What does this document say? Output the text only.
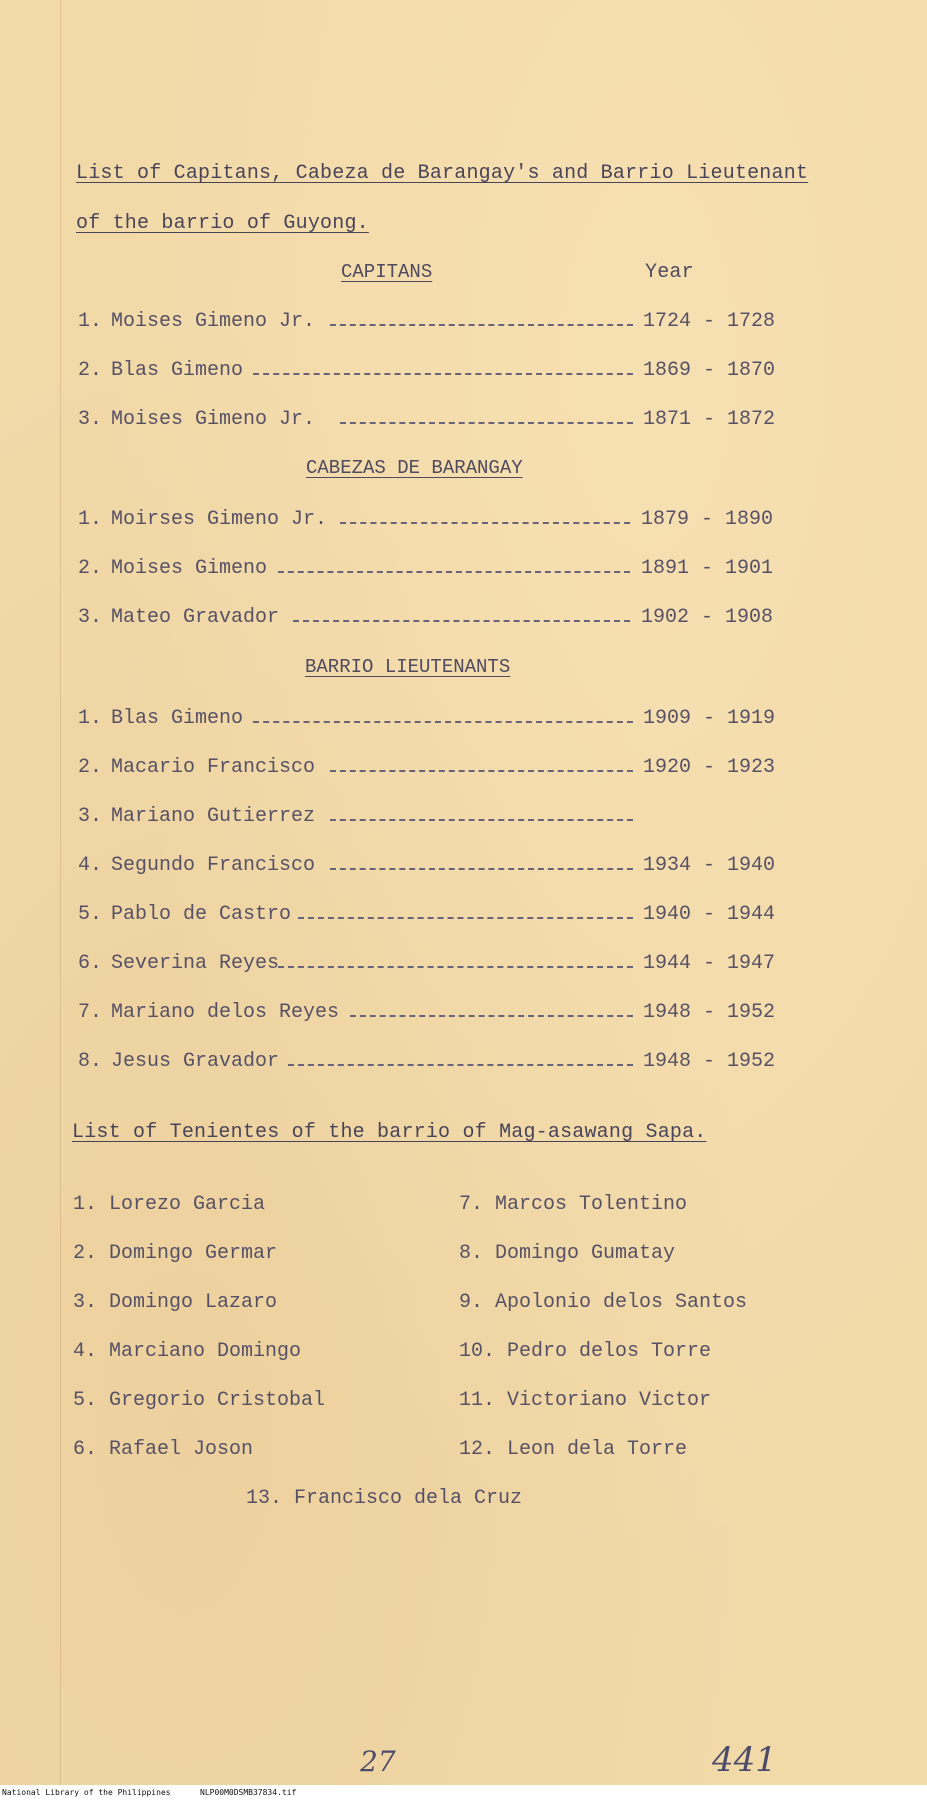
List of Capitans, Cabeza de Barangay's and Barrio Lieutenant
of the barrio of Guyong.
CAPITANS	Year
1. Moises Gimeno Jr.	1724 - 1728
2. Blas Gimeno	1869 - 1870
3. Moises Gimeno Jr.	1871 - 1872
CABEZAS DE BARANGAY
1. Moirses Gimeno Jr.	1879 - 1890
2. Moises Gimeno	1891 - 1901
3. Mateo Gravador	1902 - 1908
BARRIO LIEUTENANTS
1. Blas Gimeno	1909 - 1919
2. Macario Francisco	1920 - 1923
3. Mariano Gutierrez
4. Segundo Francisco	1934 - 1940
5. Pablo de Castro	1940 - 1944
6. Severina Reyes	1944 - 1947
7. Mariano delos Reyes	1948 - 1952
8. Jesus Gravador	1948 - 1952
List of Tenientes of the barrio of Mag-asawang Sapa.
1. Lorezo Garcia
2. Domingo Germar
3. Domingo Lazaro
4. Marciano Domingo
5. Gregorio Cristobal
6. Rafael Joson
7. Marcos Tolentino
8. Domingo Gumatay
9. Apolonio delos Santos
10. Pedro delos Torre
11. Victoriano Victor
12. Leon dela Torre
13. Francisco dela Cruz
27	441
National Library of the Philippines	NLP00M0DSMB37834.tif
